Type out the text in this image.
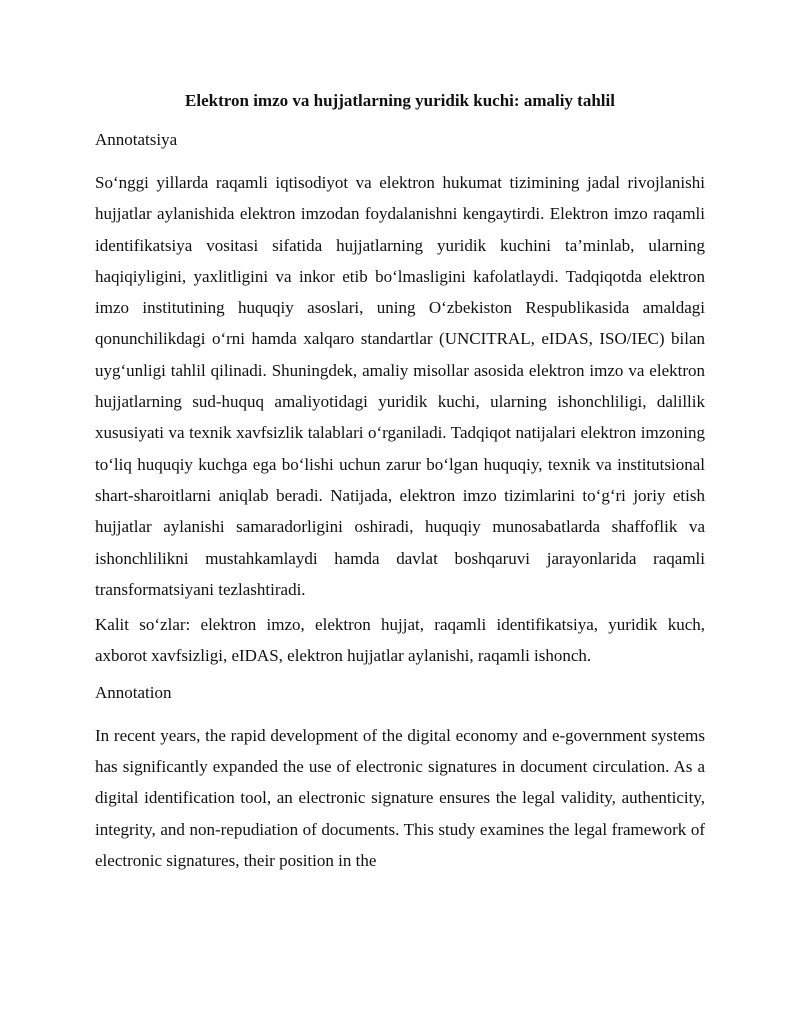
Elektron imzo va hujjatlarning yuridik kuchi: amaliy tahlil
Annotatsiya

So‘nggi yillarda raqamli iqtisodiyot va elektron hukumat tizimining jadal rivojlanishi hujjatlar aylanishida elektron imzodan foydalanishni kengaytirdi. Elektron imzo raqamli identifikatsiya vositasi sifatida hujjatlarning yuridik kuchini ta’minlab, ularning haqiqiyligini, yaxlitligini va inkor etib bo‘lmasligini kafolatlaydi. Tadqiqotda elektron imzo institutining huquqiy asoslari, uning O‘zbekiston Respublikasida amaldagi qonunchilikdagi o‘rni hamda xalqaro standartlar (UNCITRAL, eIDAS, ISO/IEC) bilan uyg‘unligi tahlil qilinadi. Shuningdek, amaliy misollar asosida elektron imzo va elektron hujjatlarning sud-huquq amaliyotidagi yuridik kuchi, ularning ishonchliligi, dalillik xususiyati va texnik xavfsizlik talablari o‘rganiladi. Tadqiqot natijalari elektron imzoning to‘liq huquqiy kuchga ega bo‘lishi uchun zarur bo‘lgan huquqiy, texnik va institutsional shart-sharoitlarni aniqlab beradi. Natijada, elektron imzo tizimlarini to‘g‘ri joriy etish hujjatlar aylanishi samaradorligini oshiradi, huquqiy munosabatlarda shaffoflik va ishonchlilikni mustahkamlaydi hamda davlat boshqaruvi jarayonlarida raqamli transformatsiyani tezlashtiradi.

Kalit so‘zlar: elektron imzo, elektron hujjat, raqamli identifikatsiya, yuridik kuch, axborot xavfsizligi, eIDAS, elektron hujjatlar aylanishi, raqamli ishonch.

Annotation

In recent years, the rapid development of the digital economy and e-government systems has significantly expanded the use of electronic signatures in document circulation. As a digital identification tool, an electronic signature ensures the legal validity, authenticity, integrity, and non-repudiation of documents. This study examines the legal framework of electronic signatures, their position in the
